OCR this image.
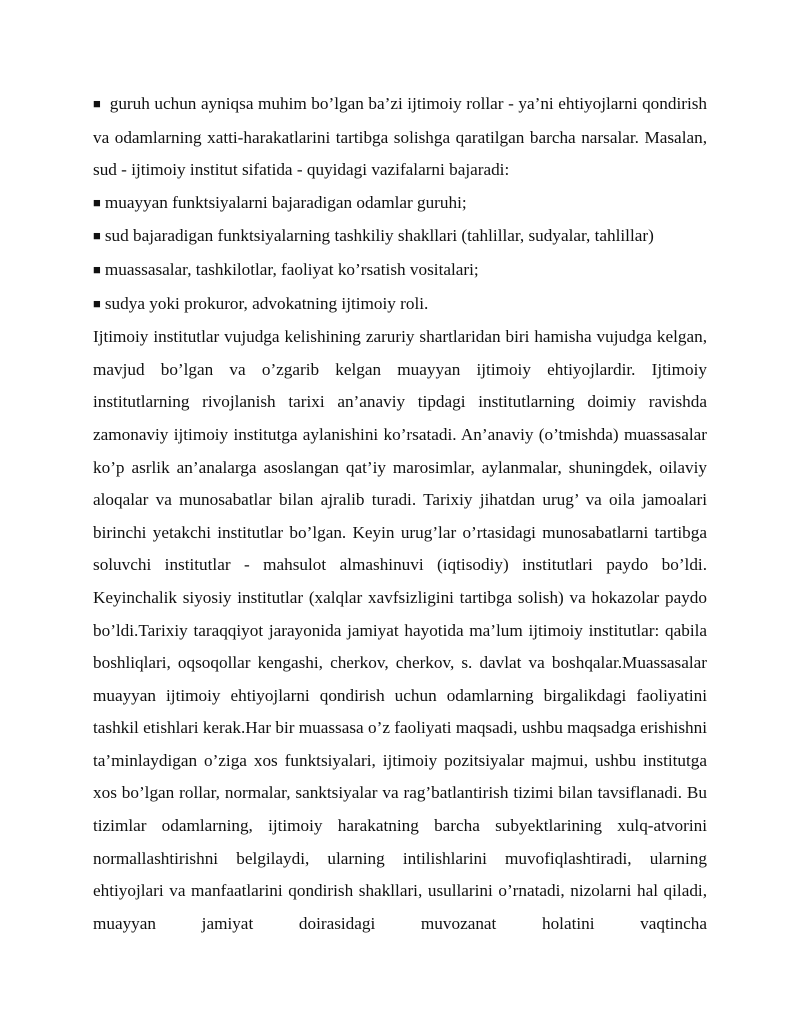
■ guruh uchun ayniqsa muhim bo’lgan ba’zi ijtimoiy rollar - ya’ni ehtiyojlarni qondirish va odamlarning xatti-harakatlarini tartibga solishga qaratilgan barcha narsalar. Masalan, sud - ijtimoiy institut sifatida - quyidagi vazifalarni bajaradi:

■ muayyan funktsiyalarni bajaradigan odamlar guruhi;

■ sud bajaradigan funktsiyalarning tashkiliy shakllari (tahlillar, sudyalar, tahlillar)

■ muassasalar, tashkilotlar, faoliyat ko’rsatish vositalari;

■ sudya yoki prokuror, advokatning ijtimoiy roli.

Ijtimoiy institutlar vujudga kelishining zaruriy shartlaridan biri hamisha vujudga kelgan, mavjud bo’lgan va o’zgarib kelgan muayyan ijtimoiy ehtiyojlardir. Ijtimoiy institutlarning rivojlanish tarixi an’anaviy tipdagi institutlarning doimiy ravishda zamonaviy ijtimoiy institutga aylanishini ko’rsatadi. An’anaviy (o’tmishda) muassasalar ko’p asrlik an’analarga asoslangan qat’iy marosimlar, aylanmalar, shuningdek, oilaviy aloqalar va munosabatlar bilan ajralib turadi. Tarixiy jihatdan urug’ va oila jamoalari birinchi yetakchi institutlar bo’lgan. Keyin urug’lar o’rtasidagi munosabatlarni tartibga soluvchi institutlar - mahsulot almashinuvi (iqtisodiy) institutlari paydo bo’ldi. Keyinchalik siyosiy institutlar (xalqlar xavfsizligini tartibga solish) va hokazolar paydo bo’ldi.Tarixiy taraqqiyot jarayonida jamiyat hayotida ma’lum ijtimoiy institutlar: qabila boshliqlari, oqsoqollar kengashi, cherkov, cherkov, s. davlat va boshqalar.Muassasalar muayyan ijtimoiy ehtiyojlarni qondirish uchun odamlarning birgalikdagi faoliyatini tashkil etishlari kerak.Har bir muassasa o’z faoliyati maqsadi, ushbu maqsadga erishishni ta’minlaydigan o’ziga xos funktsiyalari, ijtimoiy pozitsiyalar majmui, ushbu institutga xos bo’lgan rollar, normalar, sanktsiyalar va rag’batlantirish tizimi bilan tavsiflanadi. Bu tizimlar odamlarning, ijtimoiy harakatning barcha subyektlarining xulq-atvorini normallashtirishni belgilaydi, ularning intilishlarini muvofiqlashtiradi, ularning ehtiyojlari va manfaatlarini qondirish shakllari, usullarini o’rnatadi, nizolarni hal qiladi, muayyan jamiyat doirasidagi muvozanat holatini vaqtincha
